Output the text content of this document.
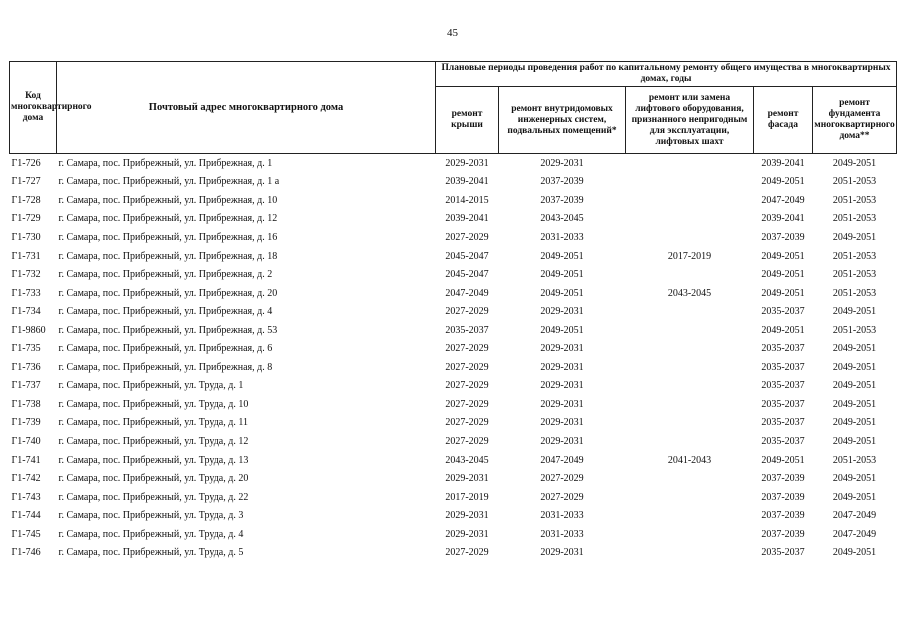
45
Код многоквартирного дома	Почтовый адрес многоквартирного дома	Плановые периоды проведения работ по капитальному ремонту общего имущества в многоквартирных домах, годы				
		ремонт крыши	ремонт внутридомовых инженерных систем, подвальных помещений*	ремонт или замена лифтового оборудования, признанного непригодным для эксплуатации, лифтовых шахт	ремонт фасада	ремонт фундамента многоквартирного дома**
Г1-726	г. Самара, пос. Прибрежный, ул. Прибрежная, д. 1	2029-2031	2029-2031		2039-2041	2049-2051
Г1-727	г. Самара, пос. Прибрежный, ул. Прибрежная, д. 1 а	2039-2041	2037-2039		2049-2051	2051-2053
Г1-728	г. Самара, пос. Прибрежный, ул. Прибрежная, д. 10	2014-2015	2037-2039		2047-2049	2051-2053
Г1-729	г. Самара, пос. Прибрежный, ул. Прибрежная, д. 12	2039-2041	2043-2045		2039-2041	2051-2053
Г1-730	г. Самара, пос. Прибрежный, ул. Прибрежная, д. 16	2027-2029	2031-2033		2037-2039	2049-2051
Г1-731	г. Самара, пос. Прибрежный, ул. Прибрежная, д. 18	2045-2047	2049-2051	2017-2019	2049-2051	2051-2053
Г1-732	г. Самара, пос. Прибрежный, ул. Прибрежная, д. 2	2045-2047	2049-2051		2049-2051	2051-2053
Г1-733	г. Самара, пос. Прибрежный, ул. Прибрежная, д. 20	2047-2049	2049-2051	2043-2045	2049-2051	2051-2053
Г1-734	г. Самара, пос. Прибрежный, ул. Прибрежная, д. 4	2027-2029	2029-2031		2035-2037	2049-2051
Г1-9860	г. Самара, пос. Прибрежный, ул. Прибрежная, д. 53	2035-2037	2049-2051		2049-2051	2051-2053
Г1-735	г. Самара, пос. Прибрежный, ул. Прибрежная, д. 6	2027-2029	2029-2031		2035-2037	2049-2051
Г1-736	г. Самара, пос. Прибрежный, ул. Прибрежная, д. 8	2027-2029	2029-2031		2035-2037	2049-2051
Г1-737	г. Самара, пос. Прибрежный, ул. Труда, д. 1	2027-2029	2029-2031		2035-2037	2049-2051
Г1-738	г. Самара, пос. Прибрежный, ул. Труда, д. 10	2027-2029	2029-2031		2035-2037	2049-2051
Г1-739	г. Самара, пос. Прибрежный, ул. Труда, д. 11	2027-2029	2029-2031		2035-2037	2049-2051
Г1-740	г. Самара, пос. Прибрежный, ул. Труда, д. 12	2027-2029	2029-2031		2035-2037	2049-2051
Г1-741	г. Самара, пос. Прибрежный, ул. Труда, д. 13	2043-2045	2047-2049	2041-2043	2049-2051	2051-2053
Г1-742	г. Самара, пос. Прибрежный, ул. Труда, д. 20	2029-2031	2027-2029		2037-2039	2049-2051
Г1-743	г. Самара, пос. Прибрежный, ул. Труда, д. 22	2017-2019	2027-2029		2037-2039	2049-2051
Г1-744	г. Самара, пос. Прибрежный, ул. Труда, д. 3	2029-2031	2031-2033		2037-2039	2047-2049
Г1-745	г. Самара, пос. Прибрежный, ул. Труда, д. 4	2029-2031	2031-2033		2037-2039	2047-2049
Г1-746	г. Самара, пос. Прибрежный, ул. Труда, д. 5	2027-2029	2029-2031		2035-2037	2049-2051
